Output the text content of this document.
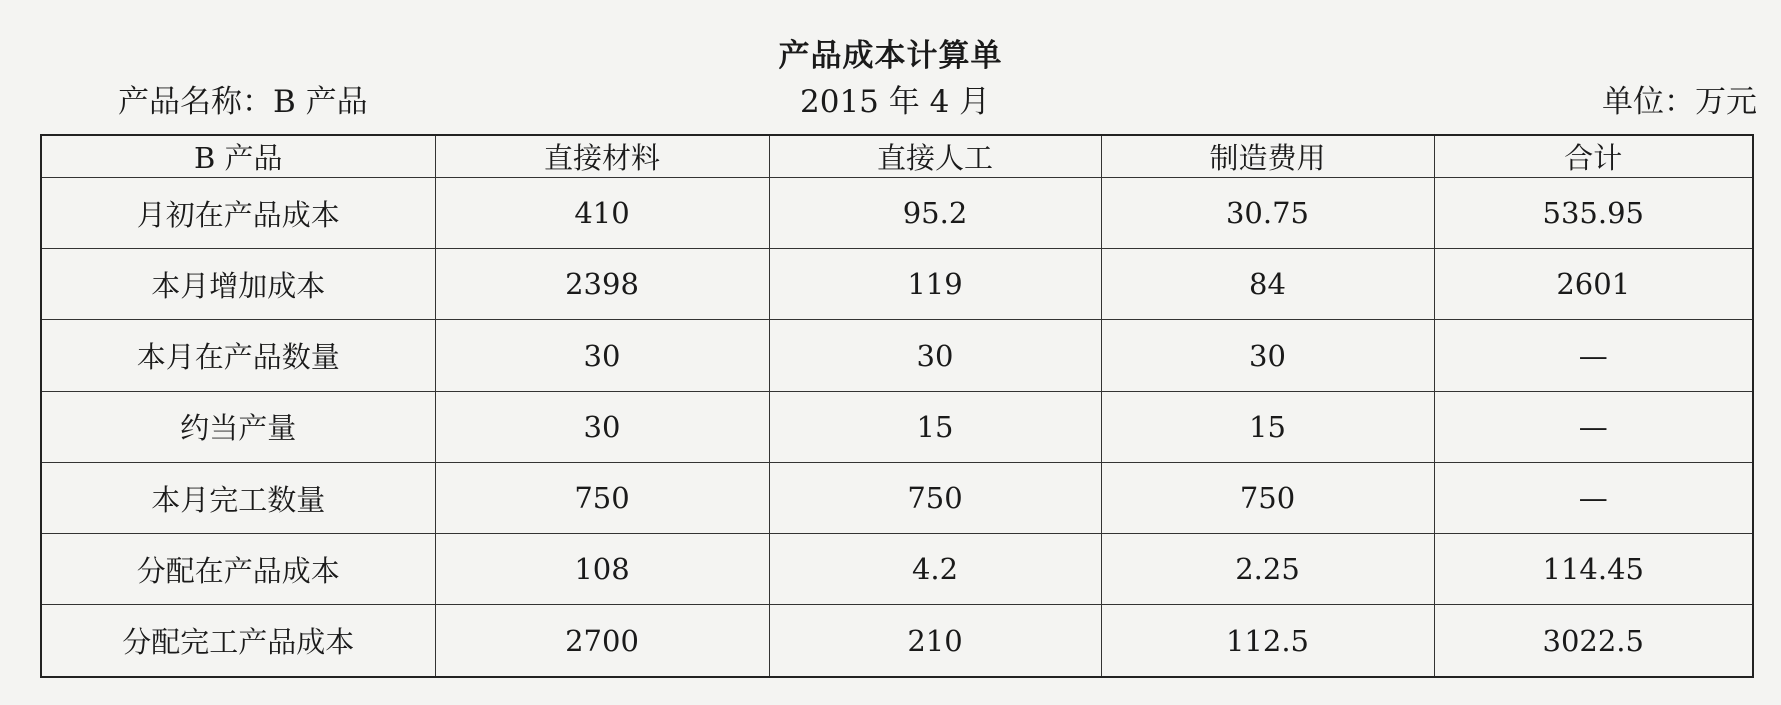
产品成本计算单
产品名称：B 产品	2015 年 4 月	单位：万元
B 产品	直接材料	直接人工	制造费用	合计
月初在产品成本	410	95.2	30.75	535.95
本月增加成本	2398	119	84	2601
本月在产品数量	30	30	30	—
约当产量	30	15	15	—
本月完工数量	750	750	750	—
分配在产品成本	108	4.2	2.25	114.45
分配完工产品成本	2700	210	112.5	3022.5
